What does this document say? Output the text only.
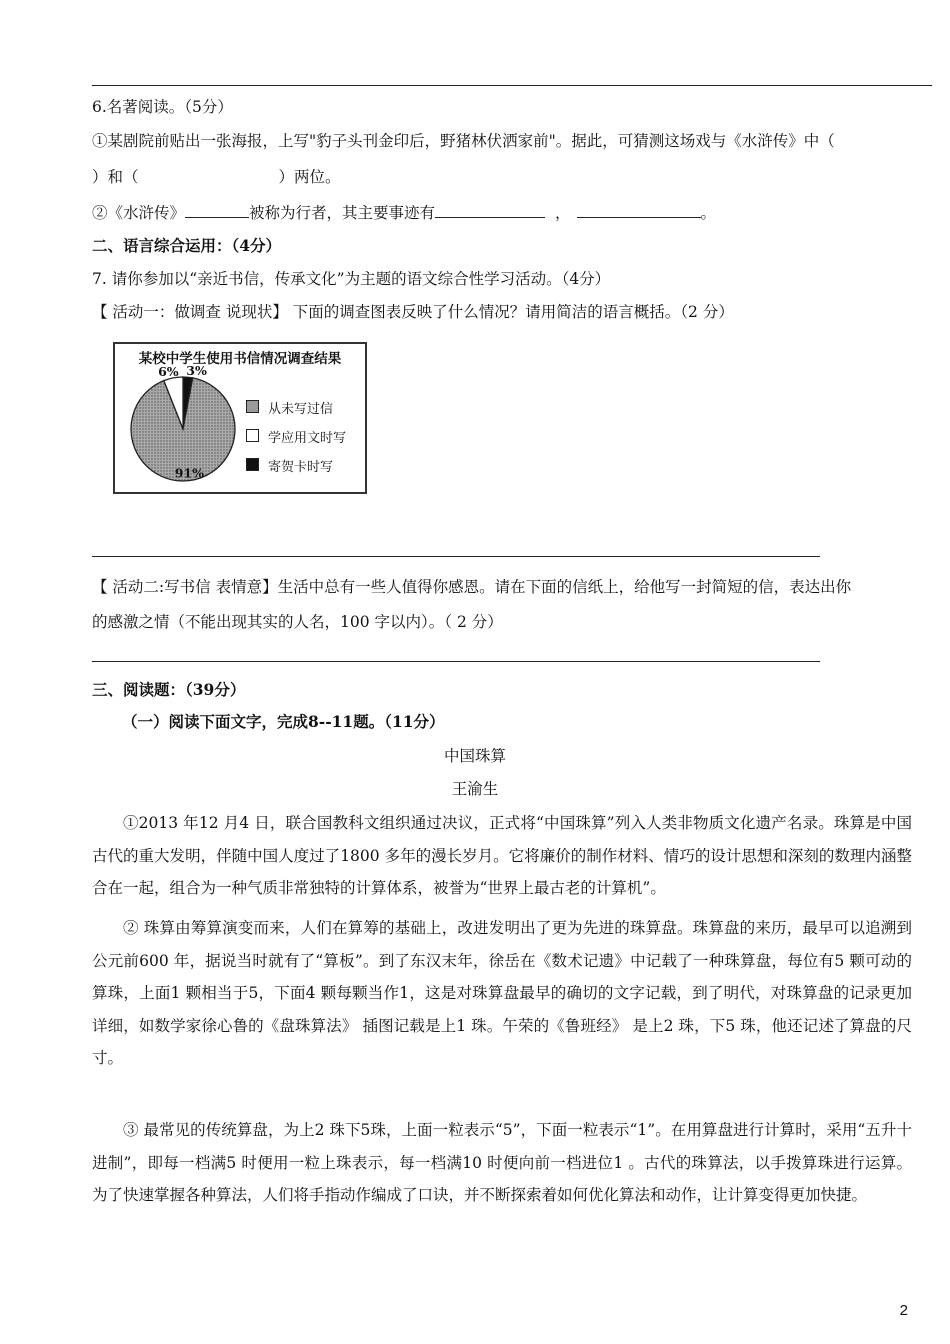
6.名著阅读。（5分）
①某剧院前贴出一张海报，上写"豹子头刊金印后，野猪林伏洒家前"。据此，可猜测这场戏与《水浒传》中（
）和（	）两位。
②《水浒传》	被称为行者，其主要事迹有	，	。
二、语言综合运用：（4分）
7. 请你参加以“亲近书信，传承文化”为主题的语文综合性学习活动。（4分）
【 活动一：做调查 说现状】 下面的调查图表反映了什么情况？请用简洁的语言概括。（2 分）
某校中学生使用书信情况调查结果
3%
91%
6%
从未写过信
学应用文时写
寄贺卡时写
【 活动二:写书信 表情意】生活中总有一些人值得你感恩。请在下面的信纸上，给他写一封简短的信，表达出你
的感激之情（不能出现其实的人名，100 字以内）。（ 2 分）
三、阅读题：（39分）
（一）阅读下面文字，完成8--11题。（11分）
中国珠算
王渝生
①2013 年12 月4 日，联合国教科文组织通过决议，正式将“中国珠算”列入人类非物质文化遗产名录。珠算是中国古代的重大发明，伴随中国人度过了1800 多年的漫长岁月。它将廉价的制作材料、情巧的设计思想和深刻的数理内涵整合在一起，组合为一种气质非常独特的计算体系，被誉为“世界上最古老的计算机”。
② 珠算由筹算演变而来，人们在算筹的基础上，改进发明出了更为先进的珠算盘。珠算盘的来历，最早可以追溯到公元前600 年，据说当时就有了“算板”。到了东汉末年，徐岳在《数术记遗》中记载了一种珠算盘，每位有5 颗可动的算珠，上面1 颗相当于5，下面4 颗每颗当作1，这是对珠算盘最早的确切的文字记载，到了明代，对珠算盘的记录更加详细，如数学家徐心鲁的《盘珠算法》 插图记载是上1 珠。午荣的《鲁班经》 是上2 珠，下5 珠，他还记述了算盘的尺寸。
③ 最常见的传统算盘，为上2 珠下5珠，上面一粒表示“5”，下面一粒表示“1”。在用算盘进行计算时，采用“五升十进制”，即每一档满5 时便用一粒上珠表示，每一档满10 时便向前一档进位1 。古代的珠算法，以手拨算珠进行运算。为了快速掌握各种算法，人们将手指动作编成了口诀，并不断探索着如何优化算法和动作，让计算变得更加快捷。
2
